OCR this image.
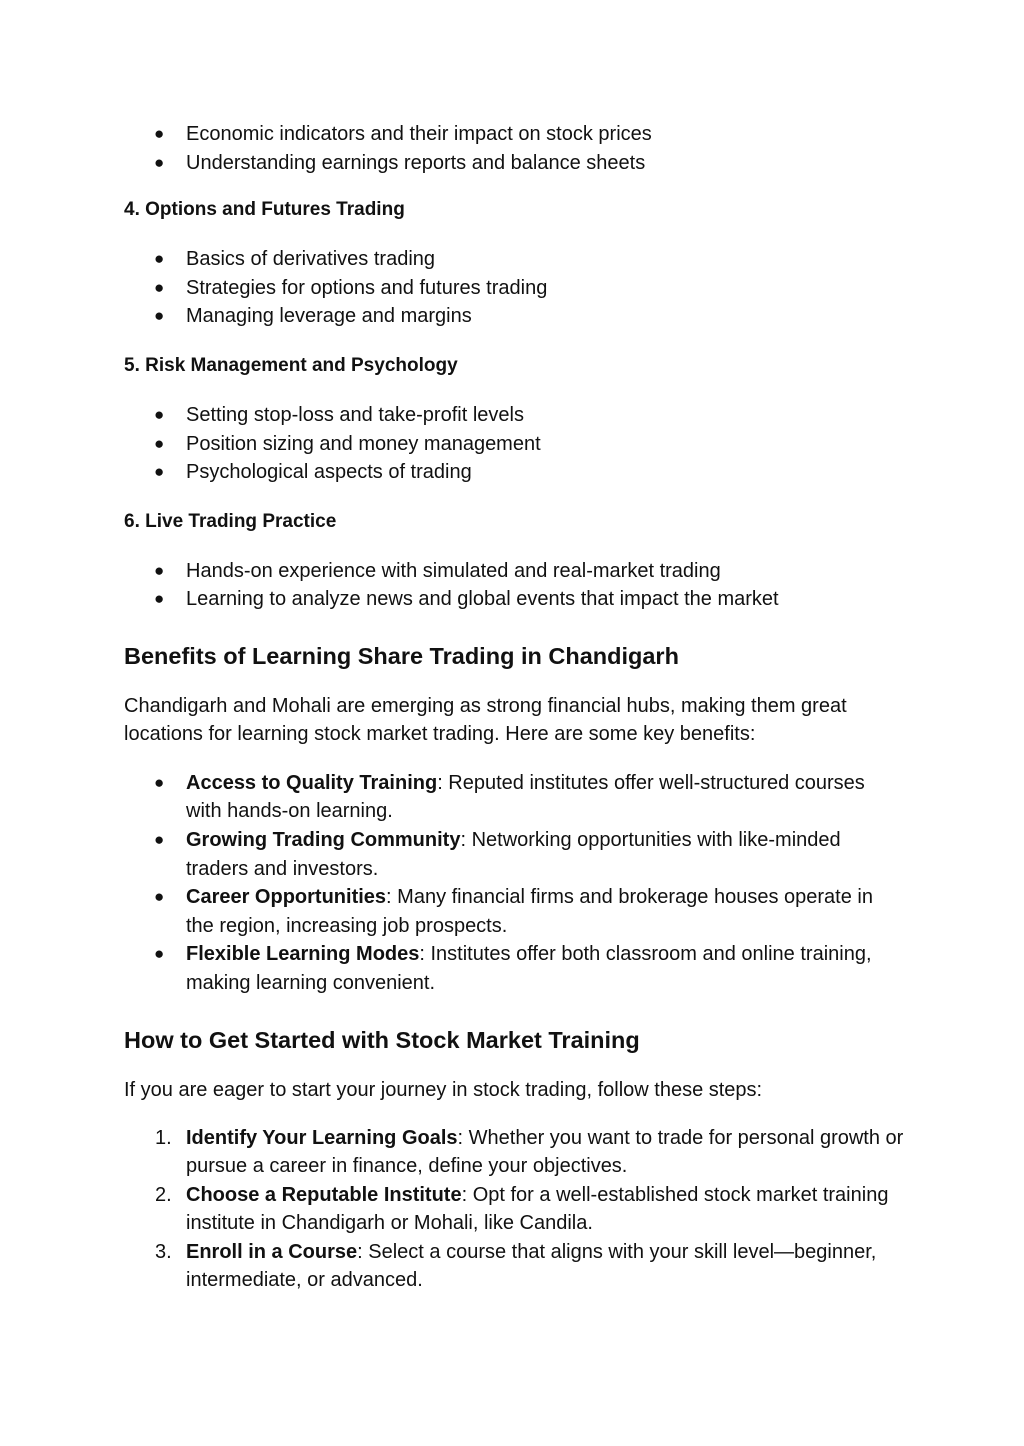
● Economic indicators and their impact on stock prices
● Understanding earnings reports and balance sheets

4. Options and Futures Trading

● Basics of derivatives trading
● Strategies for options and futures trading
● Managing leverage and margins

5. Risk Management and Psychology

● Setting stop-loss and take-profit levels
● Position sizing and money management
● Psychological aspects of trading

6. Live Trading Practice

● Hands-on experience with simulated and real-market trading
● Learning to analyze news and global events that impact the market
Benefits of Learning Share Trading in Chandigarh

Chandigarh and Mohali are emerging as strong financial hubs, making them great locations for learning stock market trading. Here are some key benefits:

● Access to Quality Training: Reputed institutes offer well-structured courses with hands-on learning.
● Growing Trading Community: Networking opportunities with like-minded traders and investors.
● Career Opportunities: Many financial firms and brokerage houses operate in the region, increasing job prospects.
● Flexible Learning Modes: Institutes offer both classroom and online training, making learning convenient.
How to Get Started with Stock Market Training

If you are eager to start your journey in stock trading, follow these steps:

1. Identify Your Learning Goals: Whether you want to trade for personal growth or pursue a career in finance, define your objectives.
2. Choose a Reputable Institute: Opt for a well-established stock market training institute in Chandigarh or Mohali, like Candila.
3. Enroll in a Course: Select a course that aligns with your skill level—beginner, intermediate, or advanced.
